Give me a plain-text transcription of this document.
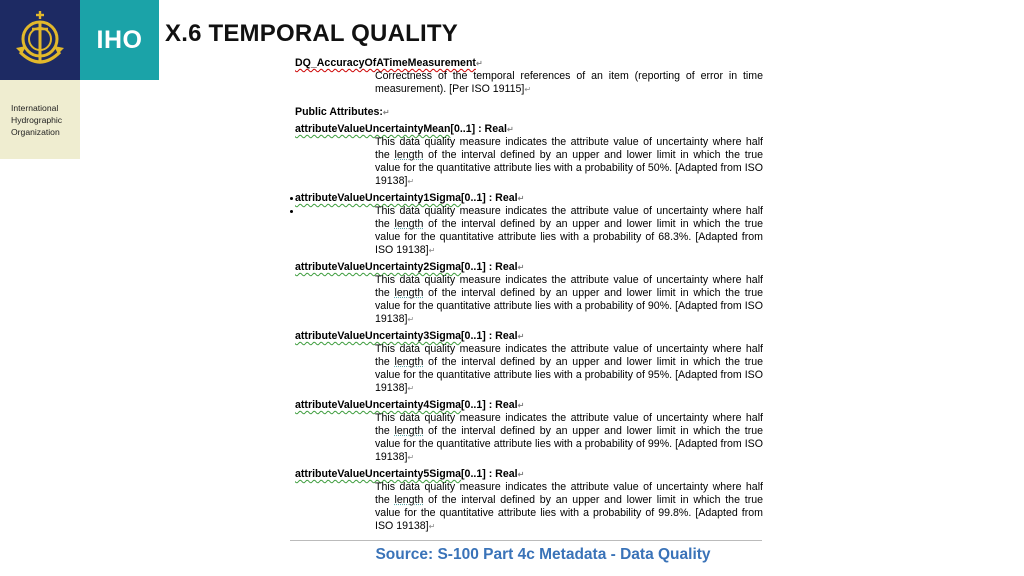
IHO
International
Hydrographic
Organization
X.6 TEMPORAL QUALITY
DQ_AccuracyOfATimeMeasurement↵
Correctness of the temporal references of an item (reporting of error in time measurement). [Per ISO 19115]↵
Public Attributes:↵
attributeValueUncertaintyMean[0..1] : Real↵
This data quality measure indicates the attribute value of uncertainty where half the length of the interval defined by an upper and lower limit in which the true value for the quantitative attribute lies with a probability of 50%. [Adapted from ISO 19138]↵
attributeValueUncertainty1Sigma[0..1] : Real↵
This data quality measure indicates the attribute value of uncertainty where half the length of the interval defined by an upper and lower limit in which the true value for the quantitative attribute lies with a probability of 68.3%. [Adapted from ISO 19138]↵
attributeValueUncertainty2Sigma[0..1] : Real↵
This data quality measure indicates the attribute value of uncertainty where half the length of the interval defined by an upper and lower limit in which the true value for the quantitative attribute lies with a probability of 90%. [Adapted from ISO 19138]↵
attributeValueUncertainty3Sigma[0..1] : Real↵
This data quality measure indicates the attribute value of uncertainty where half the length of the interval defined by an upper and lower limit in which the true value for the quantitative attribute lies with a probability of 95%. [Adapted from ISO 19138]↵
attributeValueUncertainty4Sigma[0..1] : Real↵
This data quality measure indicates the attribute value of uncertainty where half the length of the interval defined by an upper and lower limit in which the true value for the quantitative attribute lies with a probability of 99%. [Adapted from ISO 19138]↵
attributeValueUncertainty5Sigma[0..1] : Real↵
This data quality measure indicates the attribute value of uncertainty where half the length of the interval defined by an upper and lower limit in which the true value for the quantitative attribute lies with a probability of 99.8%. [Adapted from ISO 19138]↵
Source: S-100 Part 4c Metadata - Data Quality
